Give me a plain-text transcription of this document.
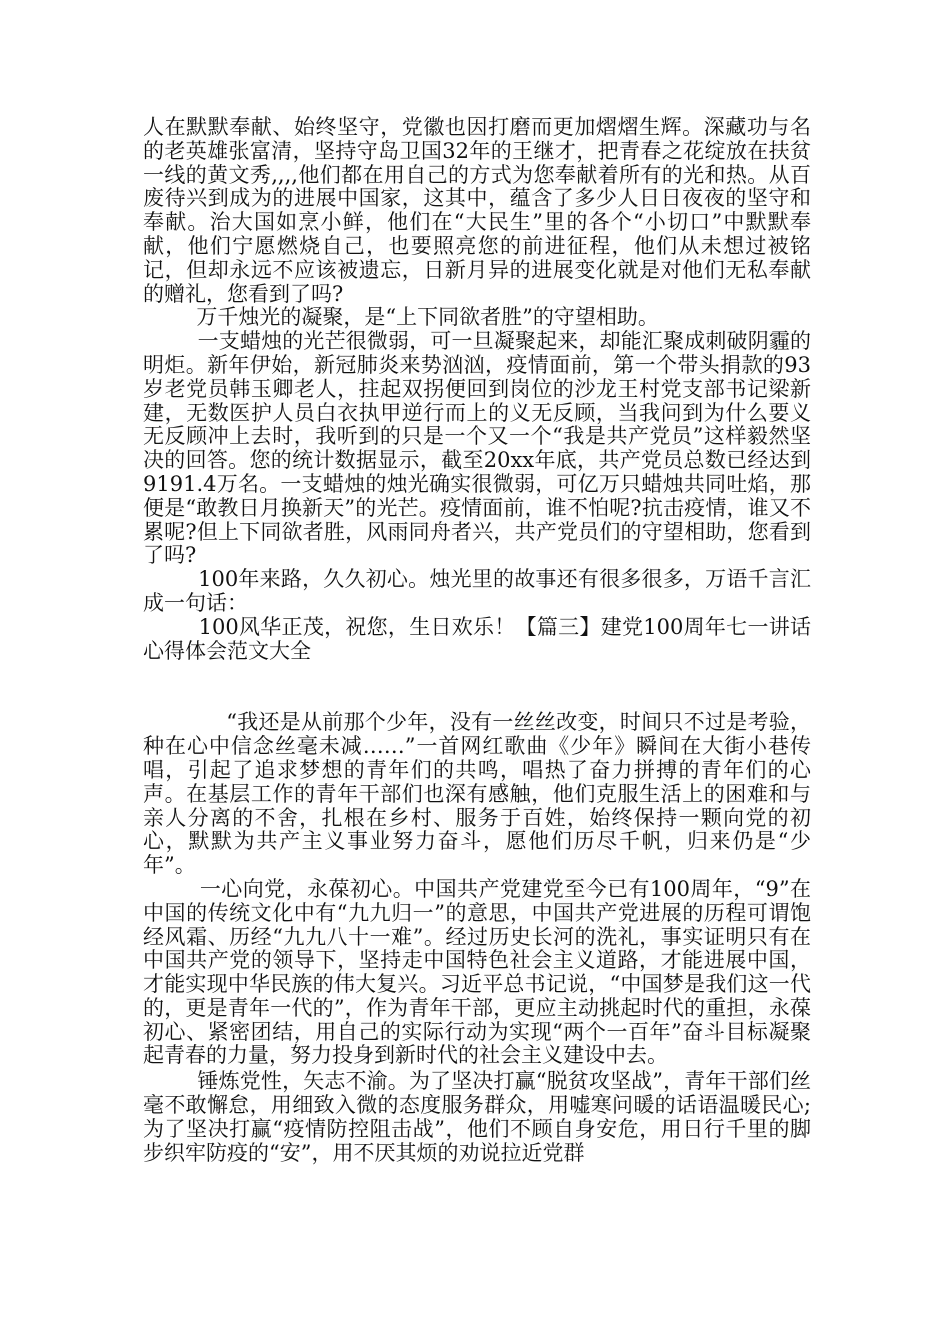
人在默默奉献、始终坚守，党徽也因打磨而更加熠熠生辉。深藏功与名的老英雄张富清，坚持守岛卫国32年的王继才，把青春之花绽放在扶贫一线的黄文秀,,,,他们都在用自己的方式为您奉献着所有的光和热。从百废待兴到成为的进展中国家，这其中，蕴含了多少人日日夜夜的坚守和奉献。治大国如烹小鲜，他们在“大民生”里的各个“小切口”中默默奉献，他们宁愿燃烧自己，也要照亮您的前进征程，他们从未想过被铭记，但却永远不应该被遗忘，日新月异的进展变化就是对他们无私奉献的赠礼，您看到了吗?

万千烛光的凝聚，是“上下同欲者胜”的守望相助。

一支蜡烛的光芒很微弱，可一旦凝聚起来，却能汇聚成刺破阴霾的明炬。新年伊始，新冠肺炎来势汹汹，疫情面前，第一个带头捐款的93岁老党员韩玉卿老人，拄起双拐便回到岗位的沙龙王村党支部书记梁新建，无数医护人员白衣执甲逆行而上的义无反顾，当我问到为什么要义无反顾冲上去时，我听到的只是一个又一个“我是共产党员”这样毅然坚决的回答。您的统计数据显示，截至20xx年底，共产党员总数已经达到9191.4万名。一支蜡烛的烛光确实很微弱，可亿万只蜡烛共同吐焰，那便是“敢教日月换新天”的光芒。疫情面前，谁不怕呢?抗击疫情，谁又不累呢?但上下同欲者胜，风雨同舟者兴，共产党员们的守望相助，您看到了吗?

100年来路，久久初心。烛光里的故事还有很多很多，万语千言汇成一句话：

100风华正茂，祝您，生日欢乐！【篇三】建党100周年七一讲话心得体会范文大全

“我还是从前那个少年，没有一丝丝改变，时间只不过是考验，种在心中信念丝毫未减……”一首网红歌曲《少年》瞬间在大街小巷传唱，引起了追求梦想的青年们的共鸣，唱热了奋力拼搏的青年们的心声。在基层工作的青年干部们也深有感触，他们克服生活上的困难和与亲人分离的不舍，扎根在乡村、服务于百姓，始终保持一颗向党的初心，默默为共产主义事业努力奋斗，愿他们历尽千帆，归来仍是“少年”。

一心向党，永葆初心。中国共产党建党至今已有100周年，“9”在中国的传统文化中有“九九归一”的意思，中国共产党进展的历程可谓饱经风霜、历经“九九八十一难”。经过历史长河的洗礼，事实证明只有在中国共产党的领导下，坚持走中国特色社会主义道路，才能进展中国，才能实现中华民族的伟大复兴。习近平总书记说，“中国梦是我们这一代的，更是青年一代的”，作为青年干部，更应主动挑起时代的重担，永葆初心、紧密团结，用自己的实际行动为实现“两个一百年”奋斗目标凝聚起青春的力量，努力投身到新时代的社会主义建设中去。

锤炼党性，矢志不渝。为了坚决打赢“脱贫攻坚战”，青年干部们丝毫不敢懈怠，用细致入微的态度服务群众，用嘘寒问暖的话语温暖民心;为了坚决打赢“疫情防控阻击战”，他们不顾自身安危，用日行千里的脚步织牢防疫的“安”，用不厌其烦的劝说拉近党群
